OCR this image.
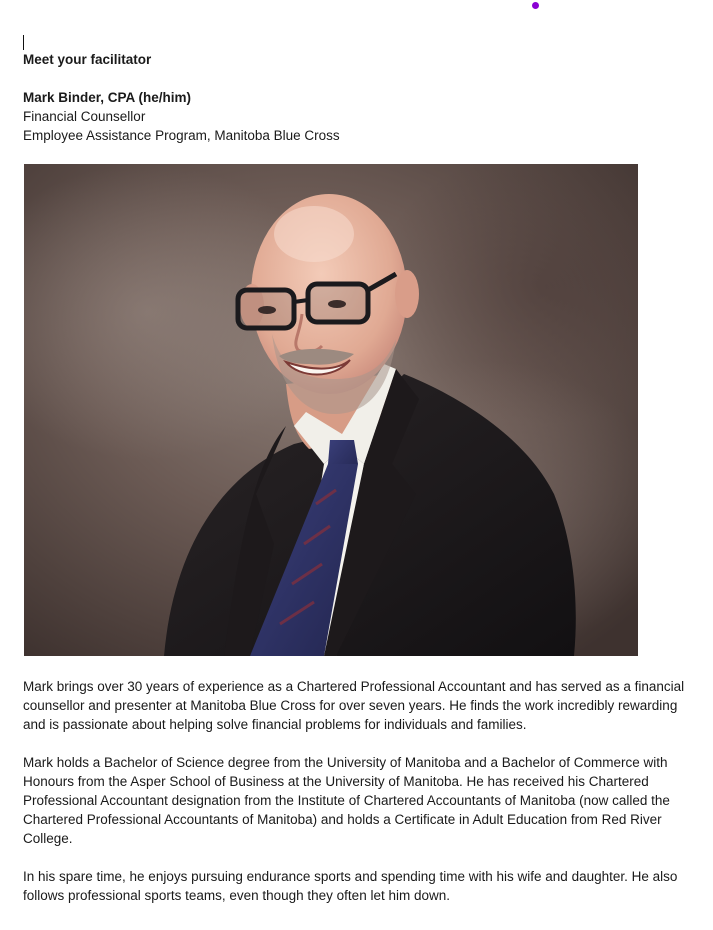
Meet your facilitator
Mark Binder, CPA (he/him)
Financial Counsellor
Employee Assistance Program, Manitoba Blue Cross

Mark brings over 30 years of experience as a Chartered Professional Accountant and has served as a financial counsellor and presenter at Manitoba Blue Cross for over seven years. He finds the work incredibly rewarding and is passionate about helping solve financial problems for individuals and families.

Mark holds a Bachelor of Science degree from the University of Manitoba and a Bachelor of Commerce with Honours from the Asper School of Business at the University of Manitoba. He has received his Chartered Professional Accountant designation from the Institute of Chartered Accountants of Manitoba (now called the Chartered Professional Accountants of Manitoba) and holds a Certificate in Adult Education from Red River College.

In his spare time, he enjoys pursuing endurance sports and spending time with his wife and daughter. He also follows professional sports teams, even though they often let him down.
